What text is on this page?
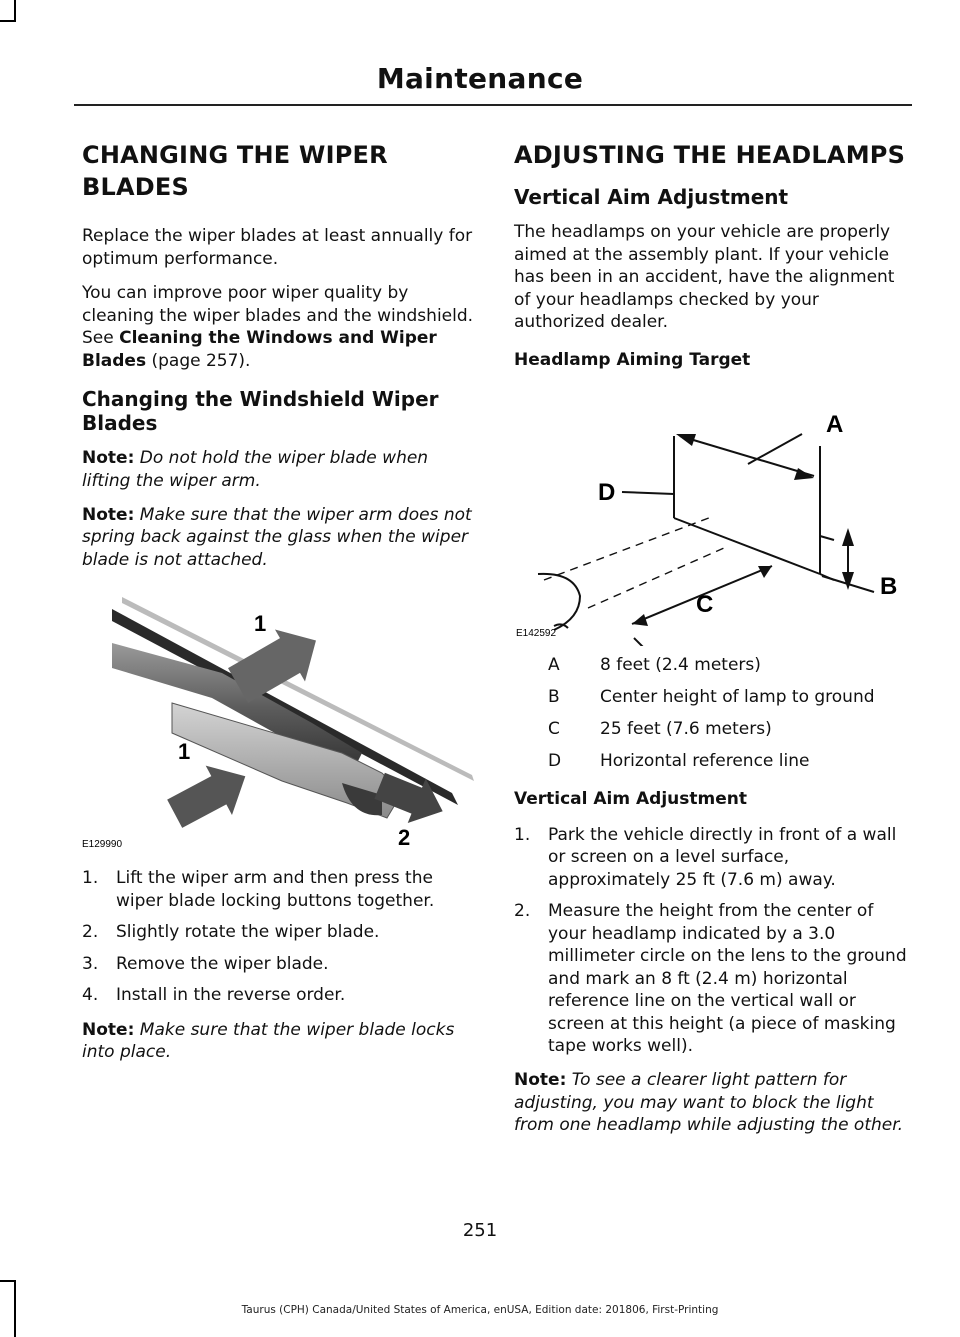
Maintenance
CHANGING THE WIPER
BLADES

Replace the wiper blades at least annually for optimum performance.

You can improve poor wiper quality by cleaning the wiper blades and the windshield. See Cleaning the Windows and Wiper Blades (page 257).

Changing the Windshield Wiper Blades

Note: Do not hold the wiper blade when lifting the wiper arm.

Note: Make sure that the wiper arm does not spring back against the glass when the wiper blade is not attached.

1
1
2
E129990
1. Lift the wiper arm and then press the wiper blade locking buttons together.
2. Slightly rotate the wiper blade.
3. Remove the wiper blade.
4. Install in the reverse order.

Note: Make sure that the wiper blade locks into place.

ADJUSTING THE HEADLAMPS
Vertical Aim Adjustment

The headlamps on your vehicle are properly aimed at the assembly plant. If your vehicle has been in an accident, have the alignment of your headlamps checked by your authorized dealer.

Headlamp Aiming Target
A
B
C
D
E142592
A	8 feet (2.4 meters)
B	Center height of lamp to ground
C	25 feet (7.6 meters)
D	Horizontal reference line
Vertical Aim Adjustment
1. Park the vehicle directly in front of a wall or screen on a level surface, approximately 25 ft (7.6 m) away.
2. Measure the height from the center of your headlamp indicated by a 3.0 millimeter circle on the lens to the ground and mark an 8 ft (2.4 m) horizontal reference line on the vertical wall or screen at this height (a piece of masking tape works well).

Note: To see a clearer light pattern for adjusting, you may want to block the light from one headlamp while adjusting the other.

251
Taurus (CPH) Canada/United States of America, enUSA, Edition date: 201806, First-Printing
